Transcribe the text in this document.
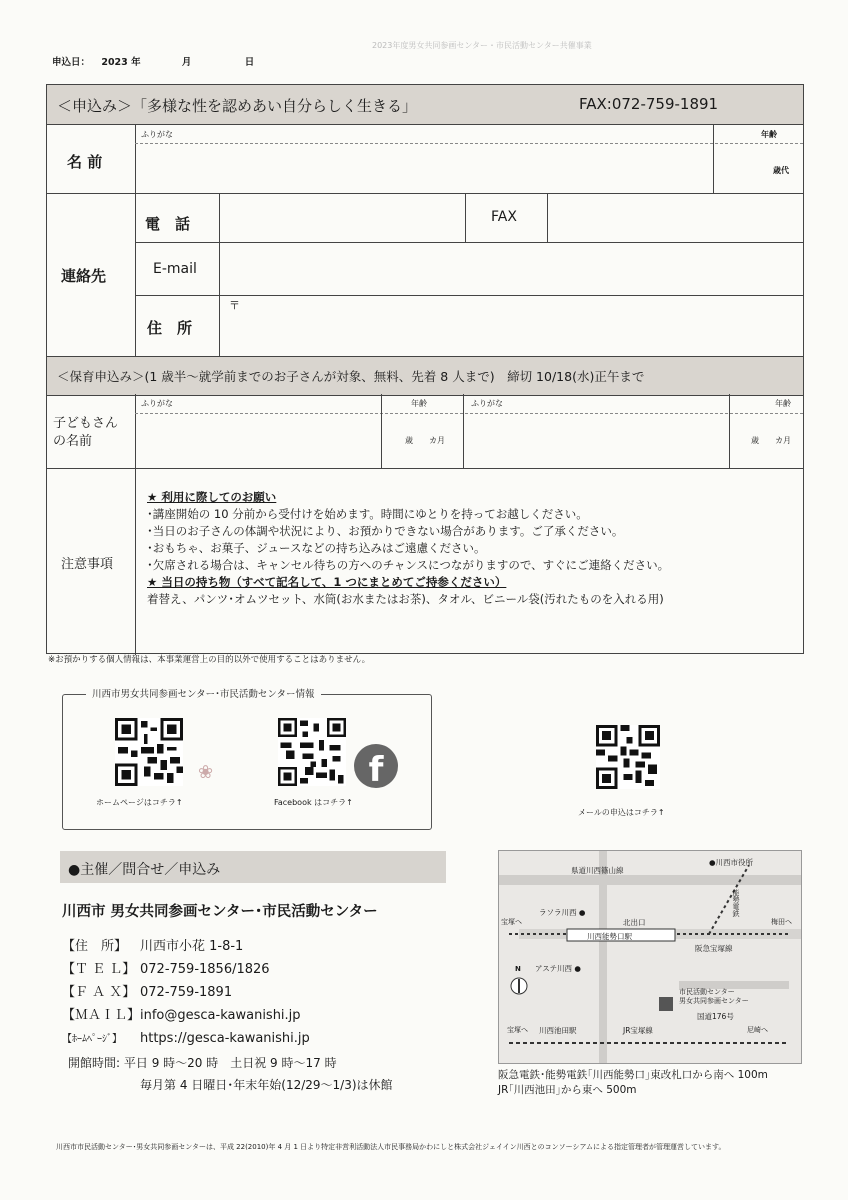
申込日： 2023 年	月	日
2023年度男女共同参画センター・市民活動センター共催事業
＜申込み＞「多様な性を認めあい自分らしく生きる」	FAX:072-759-1891
名 前
ふりがな	年齢
歳代
連絡先
電　話	FAX
E-mail
住　所
〒
＜保育申込み＞(1 歳半～就学前までのお子さんが対象、無料、先着 8 人まで)　締切 10/18(水)正午まで
子どもさん
の名前
ふりがな	年齢	ふりがな	年齢
歳　　カ月	歳　　カ月
注意事項
★ 利用に際してのお願い
･講座開始の 10 分前から受付けを始めます。時間にゆとりを持ってお越しください。
･当日のお子さんの体調や状況により、お預かりできない場合があります。ご了承ください。
･おもちゃ、お菓子、ジュースなどの持ち込みはご遠慮ください。
･欠席される場合は、キャンセル待ちの方へのチャンスにつながりますので、すぐにご連絡ください。
★ 当日の持ち物（すべて記名して、1 つにまとめてご持参ください）
着替え、パンツ･オムツセット、水筒(お水またはお茶)、タオル、ビニール袋(汚れたものを入れる用)
※お預かりする個人情報は、本事業運営上の目的以外で使用することはありません。
川西市男女共同参画センター･市民活動センター情報
ホームページはコチラ↑
❀
Facebook はコチラ↑
f
メールの申込はコチラ↑
●主催／問合せ／申込み
川西市 男女共同参画センター･市民活動センター
【住　所】 川西市小花 1-8-1
【Ｔ Ｅ Ｌ】 072-759-1856/1826
【Ｆ Ａ Ｘ】 072-759-1891
【ＭＡＩＬ】info@gesca-kawanishi.jp
【ﾎｰﾑﾍﾟｰｼﾞ】 https://gesca-kawanishi.jp
開館時間: 平日 9 時～20 時　土日祝 9 時～17 時
毎月第 4 日曜日･年末年始(12/29～1/3)は休館
県道川西篠山線
●川西市役所
ラソラ川西 ●
北出口
川西能勢口駅
阪急宝塚線
梅田へ
宝塚へ
アステ川西 ●
市民活動センター
男女共同参画センター
国道176号
川西池田駅	JR宝塚線
宝塚へ	尼崎へ
能勢電鉄
N
阪急電鉄･能勢電鉄｢川西能勢口｣東改札口から南へ 100m
JR｢川西池田｣から東へ 500m
川西市市民活動センター･男女共同参画センターは、平成 22(2010)年 4 月 1 日より特定非営利活動法人市民事務局かわにしと株式会社ジェイイン川西とのコンソーシアムによる指定管理者が管理運営しています。
